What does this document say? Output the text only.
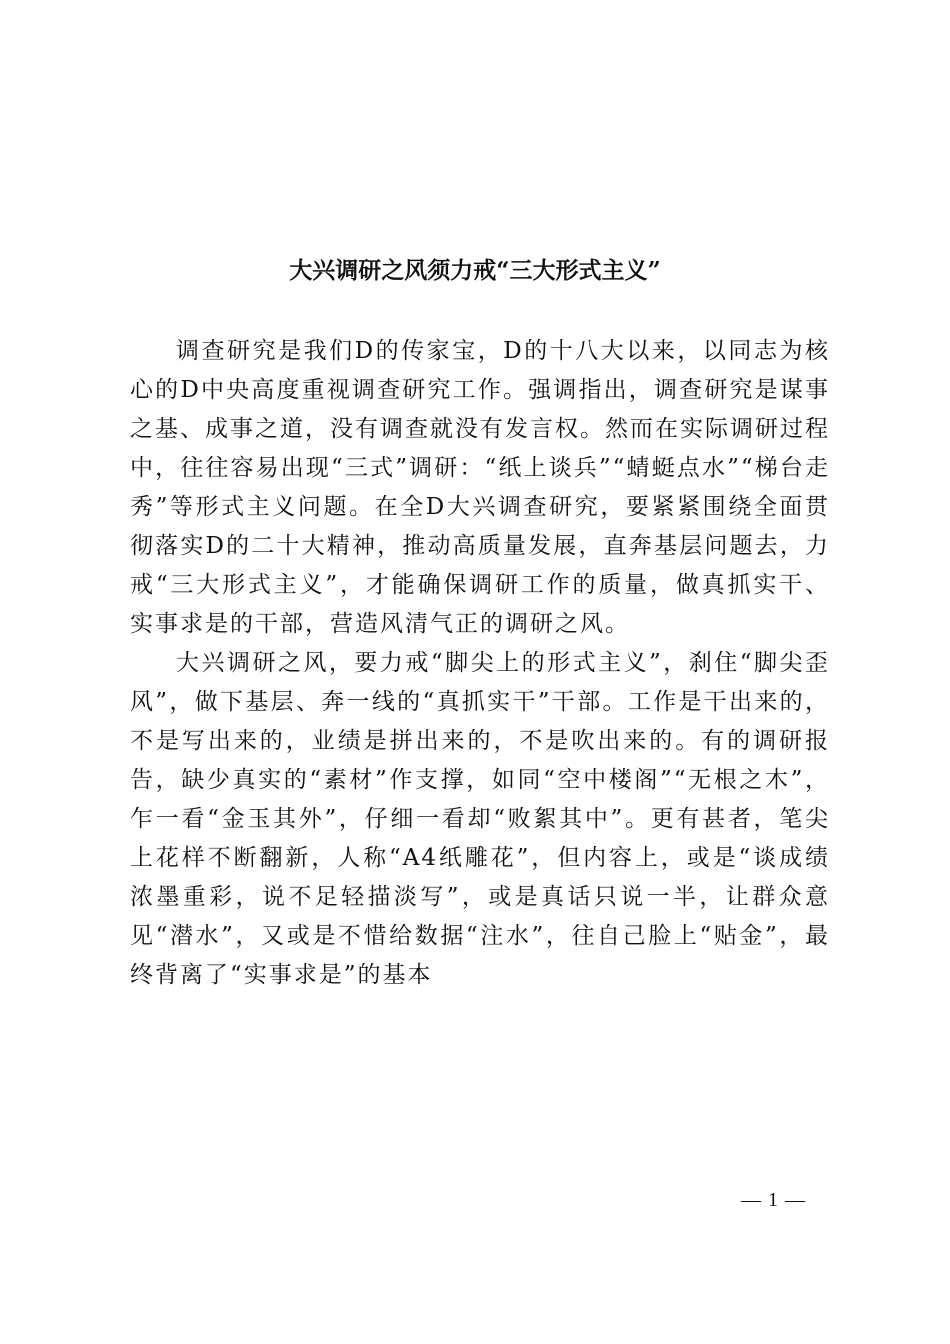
大兴调研之风须力戒“三大形式主义”

调查研究是我们D的传家宝，D的十八大以来，以同志为核心的D中央高度重视调查研究工作。强调指出，调查研究是谋事之基、成事之道，没有调查就没有发言权。然而在实际调研过程中，往往容易出现“三式”调研：“纸上谈兵”“蜻蜓点水”“梯台走秀”等形式主义问题。在全D大兴调查研究，要紧紧围绕全面贯彻落实D的二十大精神，推动高质量发展，直奔基层问题去，力戒“三大形式主义”，才能确保调研工作的质量，做真抓实干、实事求是的干部，营造风清气正的调研之风。

大兴调研之风，要力戒“脚尖上的形式主义”，刹住“脚尖歪风”，做下基层、奔一线的“真抓实干”干部。工作是干出来的，不是写出来的，业绩是拼出来的，不是吹出来的。有的调研报告，缺少真实的“素材”作支撑，如同“空中楼阁”“无根之木”，乍一看“金玉其外”，仔细一看却“败絮其中”。更有甚者，笔尖上花样不断翻新，人称“A4纸雕花”，但内容上，或是“谈成绩浓墨重彩，说不足轻描淡写”，或是真话只说一半，让群众意见“潜水”，又或是不惜给数据“注水”，往自己脸上“贴金”，最终背离了“实事求是”的基本

— 1 —
